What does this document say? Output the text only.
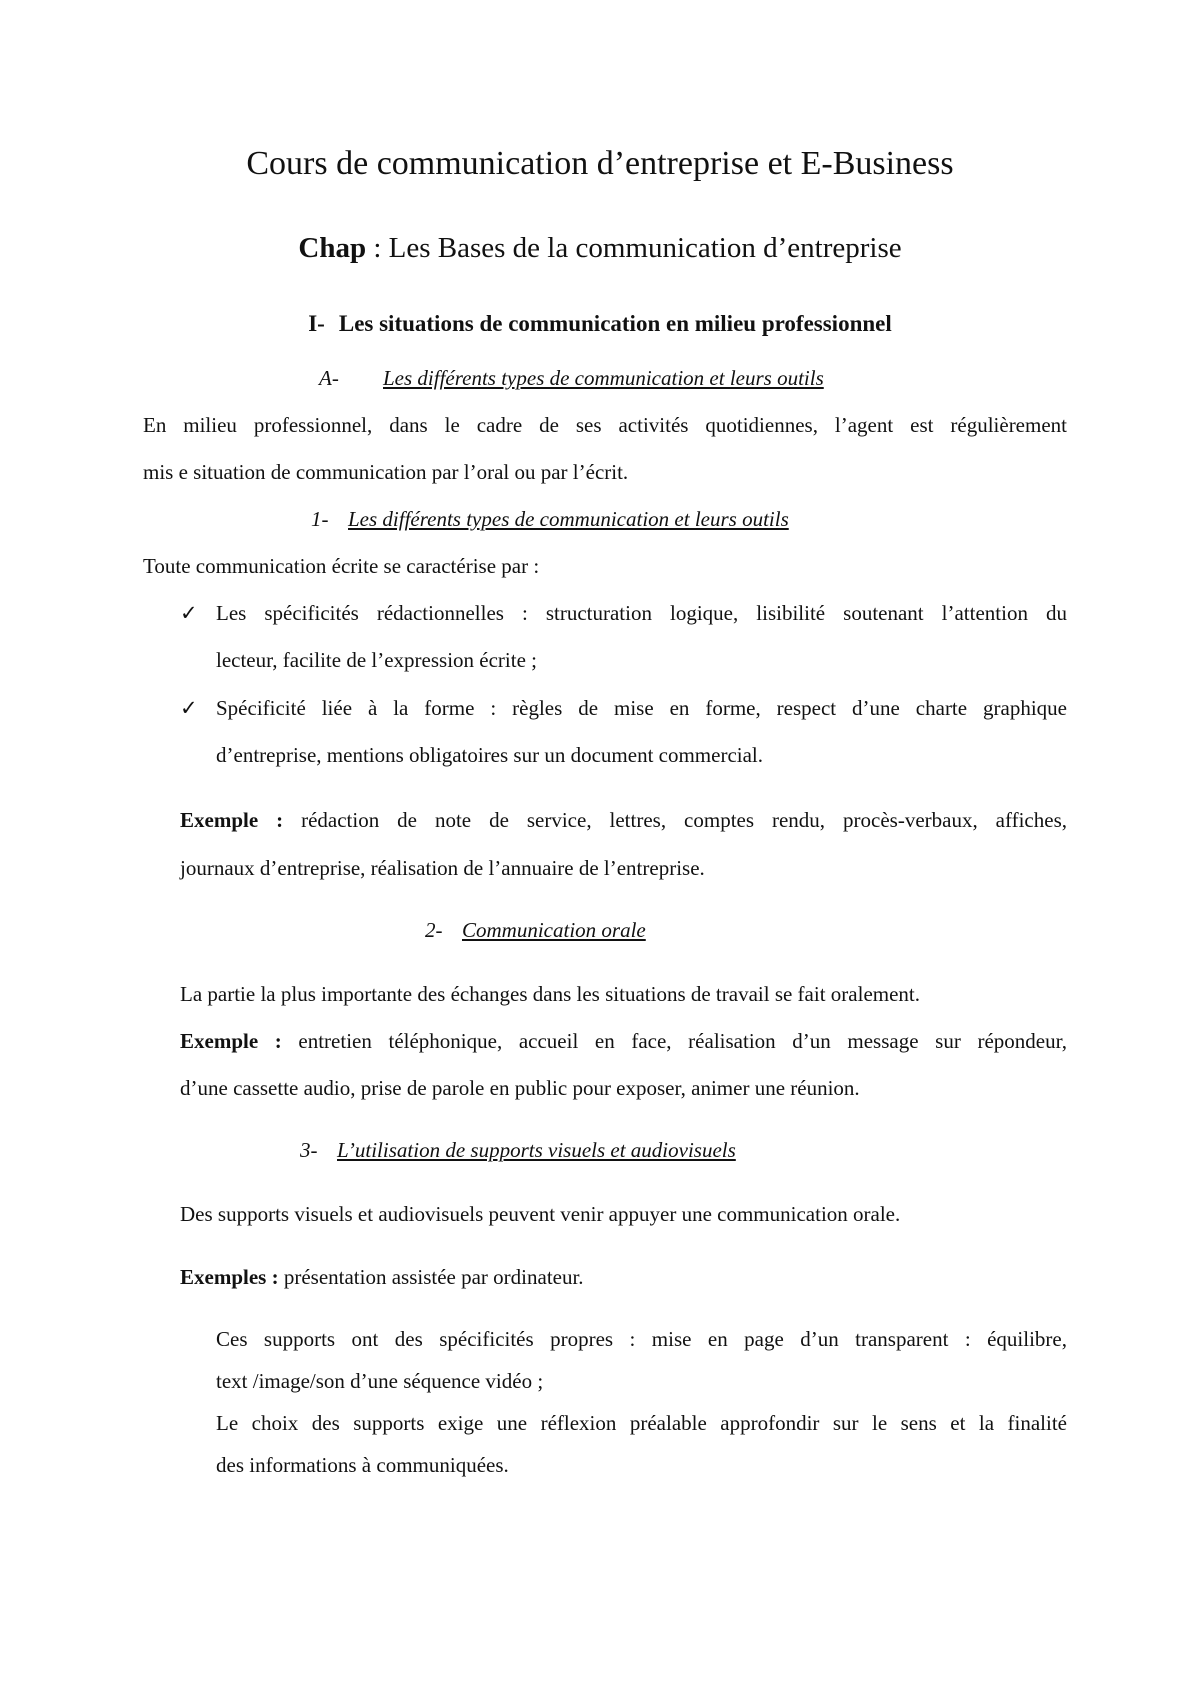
Cours de communication d’entreprise et E-Business
Chap : Les Bases de la communication d’entreprise
I- Les situations de communication en milieu professionnel
A- Les différents types de communication et leurs outils
En milieu professionnel, dans le cadre de ses activités quotidiennes, l’agent est régulièrement
mis e situation de communication par l’oral ou par l’écrit.
1- Les différents types de communication et leurs outils
Toute communication écrite se caractérise par :
✓ Les spécificités rédactionnelles : structuration logique, lisibilité soutenant l’attention du
lecteur, facilite de l’expression écrite ;
✓ Spécificité liée à la forme : règles de mise en forme, respect d’une charte graphique
d’entreprise, mentions obligatoires sur un document commercial.
Exemple : rédaction de note de service, lettres, comptes rendu, procès-verbaux, affiches,
journaux d’entreprise, réalisation de l’annuaire de l’entreprise.
2- Communication orale
La partie la plus importante des échanges dans les situations de travail se fait oralement.
Exemple : entretien téléphonique, accueil en face, réalisation d’un message sur répondeur,
d’une cassette audio, prise de parole en public pour exposer, animer une réunion.
3- L’utilisation de supports visuels et audiovisuels
Des supports visuels et audiovisuels peuvent venir appuyer une communication orale.
Exemples : présentation assistée par ordinateur.
Ces supports ont des spécificités propres : mise en page d’un transparent : équilibre,
text /image/son d’une séquence vidéo ;
Le choix des supports exige une réflexion préalable approfondir sur le sens et la finalité
des informations à communiquées.
